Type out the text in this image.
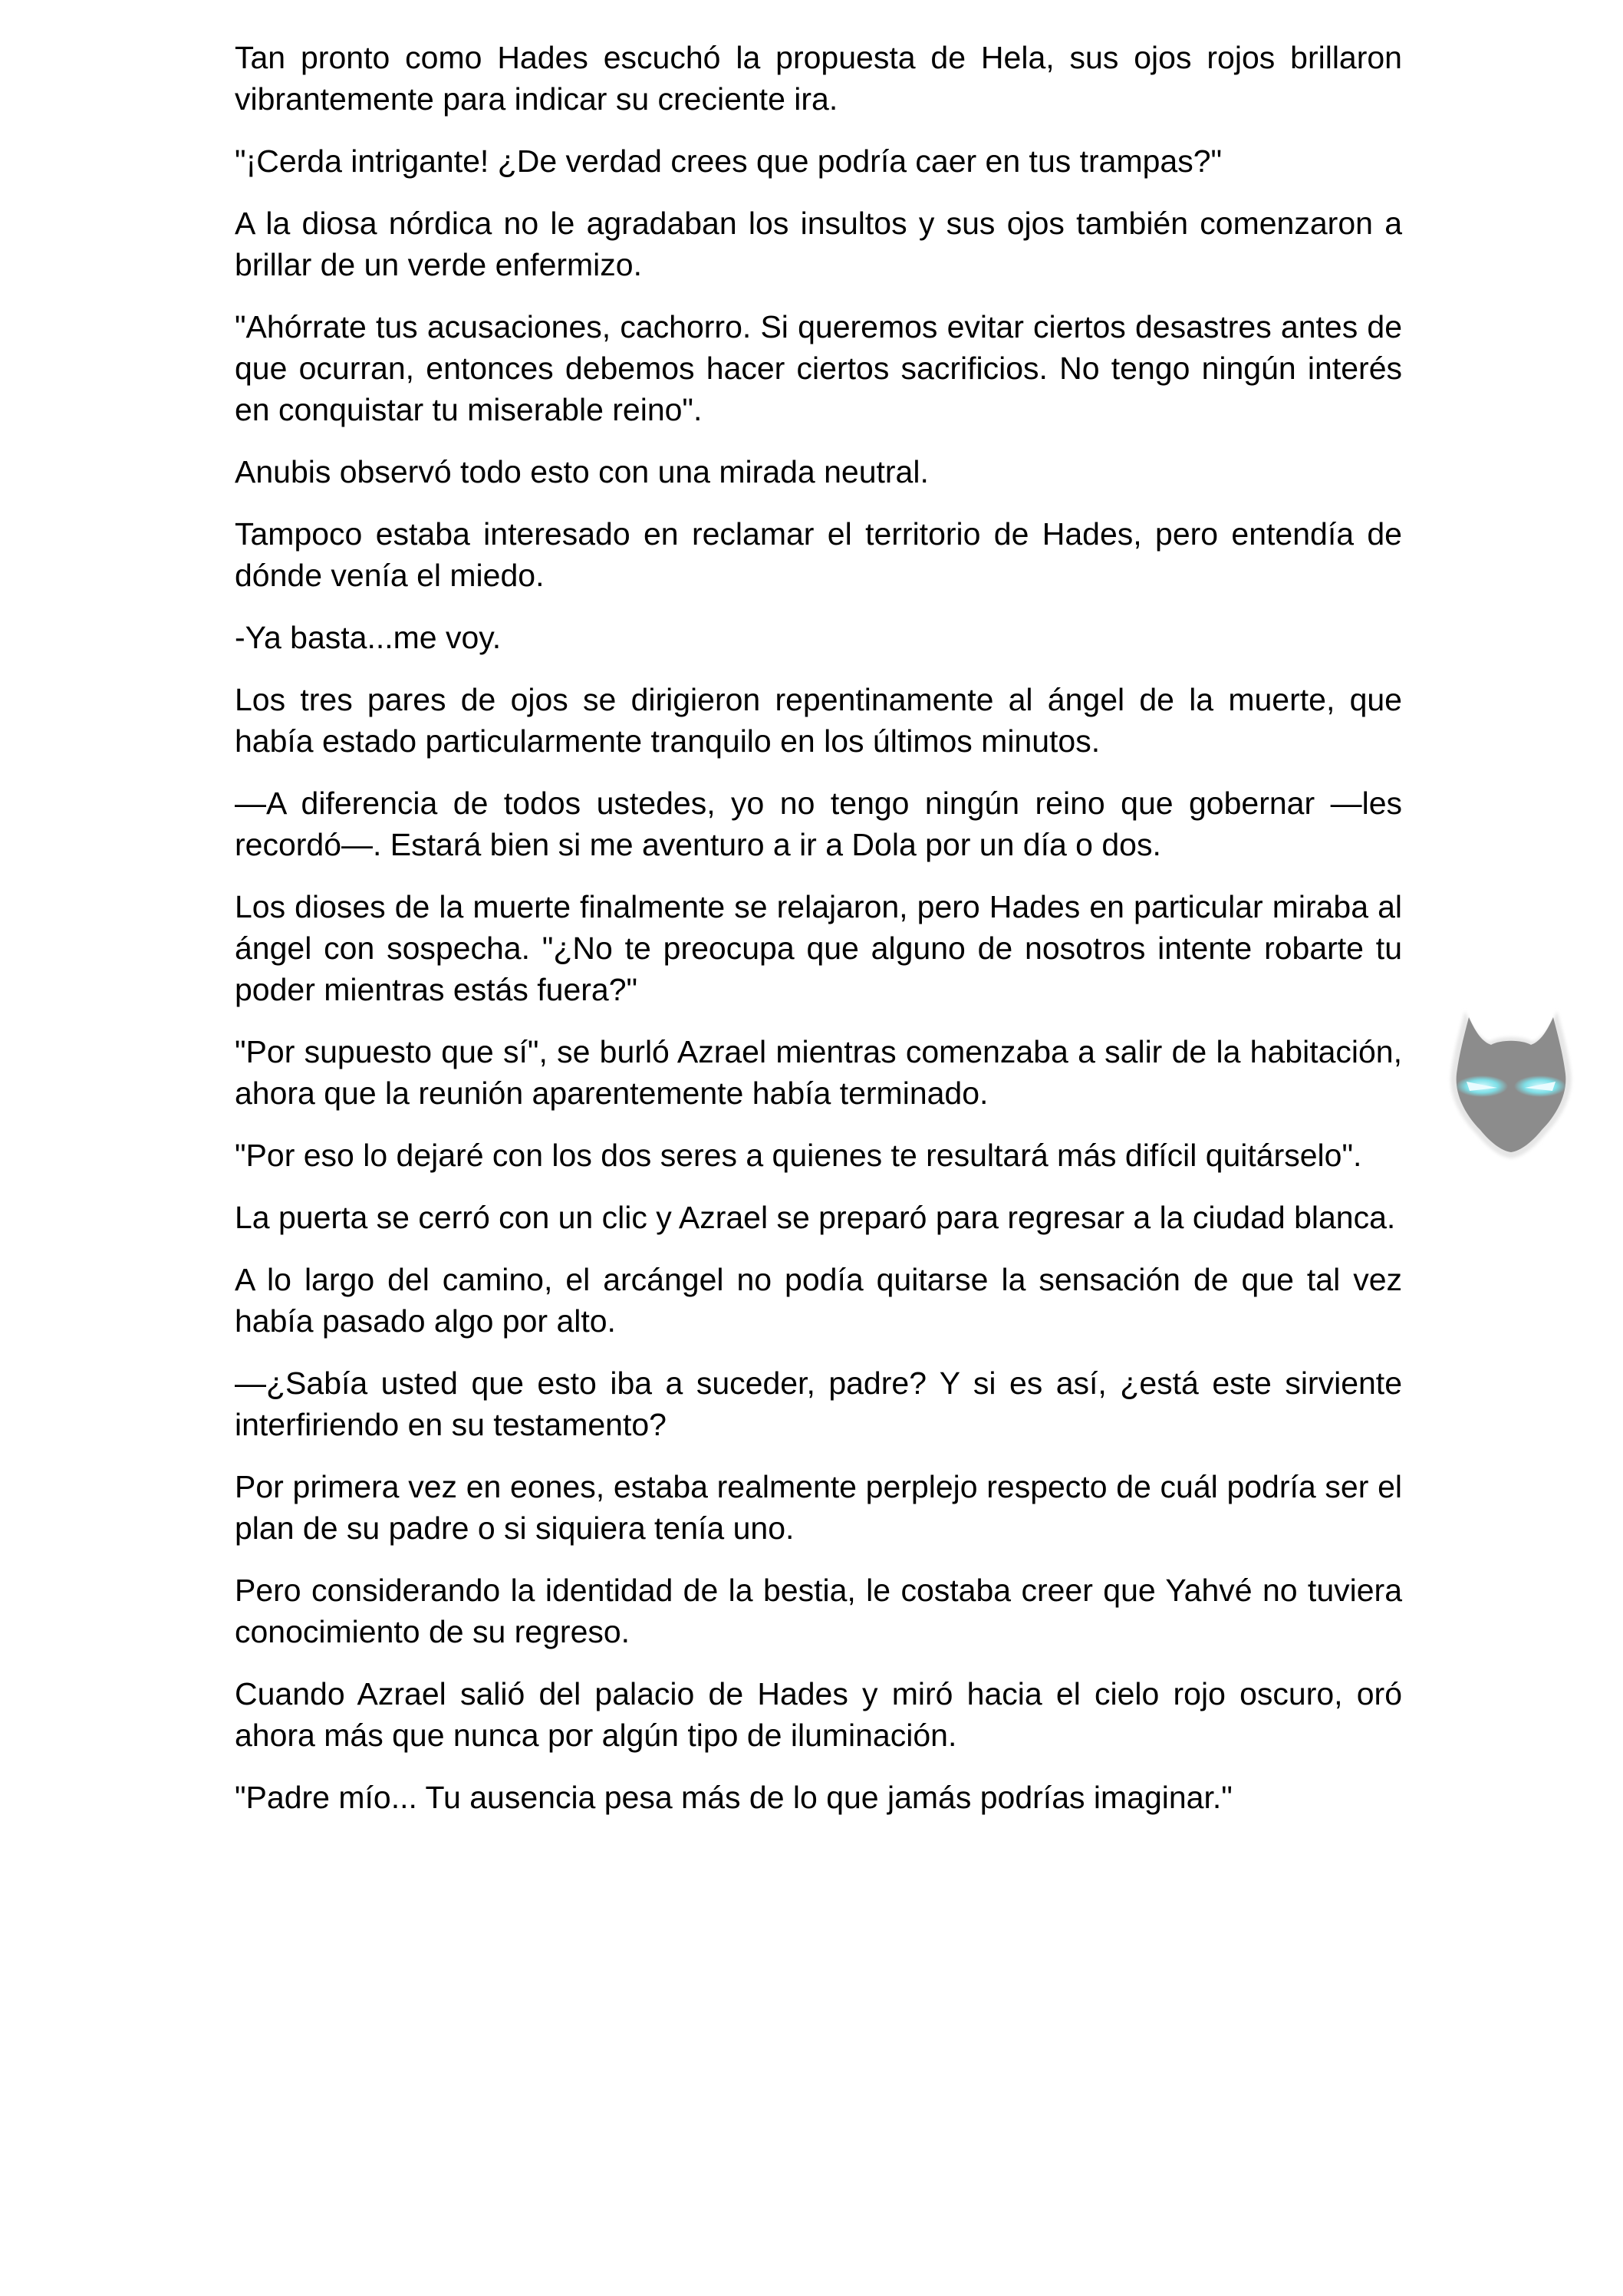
Tan pronto como Hades escuchó la propuesta de Hela, sus ojos rojos brillaron vibrantemente para indicar su creciente ira.

"¡Cerda intrigante! ¿De verdad crees que podría caer en tus trampas?"

A la diosa nórdica no le agradaban los insultos y sus ojos también comenzaron a brillar de un verde enfermizo.

"Ahórrate tus acusaciones, cachorro. Si queremos evitar ciertos desastres antes de que ocurran, entonces debemos hacer ciertos sacrificios. No tengo ningún interés en conquistar tu miserable reino".

Anubis observó todo esto con una mirada neutral.

Tampoco estaba interesado en reclamar el territorio de Hades, pero entendía de dónde venía el miedo.

-Ya basta...me voy.

Los tres pares de ojos se dirigieron repentinamente al ángel de la muerte, que había estado particularmente tranquilo en los últimos minutos.

—A diferencia de todos ustedes, yo no tengo ningún reino que gobernar —les recordó—. Estará bien si me aventuro a ir a Dola por un día o dos.

Los dioses de la muerte finalmente se relajaron, pero Hades en particular miraba al ángel con sospecha. "¿No te preocupa que alguno de nosotros intente robarte tu poder mientras estás fuera?"

"Por supuesto que sí", se burló Azrael mientras comenzaba a salir de la habitación, ahora que la reunión aparentemente había terminado.

"Por eso lo dejaré con los dos seres a quienes te resultará más difícil quitárselo".

La puerta se cerró con un clic y Azrael se preparó para regresar a la ciudad blanca.

A lo largo del camino, el arcángel no podía quitarse la sensación de que tal vez había pasado algo por alto.

—¿Sabía usted que esto iba a suceder, padre? Y si es así, ¿está este sirviente interfiriendo en su testamento?

Por primera vez en eones, estaba realmente perplejo respecto de cuál podría ser el plan de su padre o si siquiera tenía uno.

Pero considerando la identidad de la bestia, le costaba creer que Yahvé no tuviera conocimiento de su regreso.

Cuando Azrael salió del palacio de Hades y miró hacia el cielo rojo oscuro, oró ahora más que nunca por algún tipo de iluminación.

"Padre mío... Tu ausencia pesa más de lo que jamás podrías imaginar."
